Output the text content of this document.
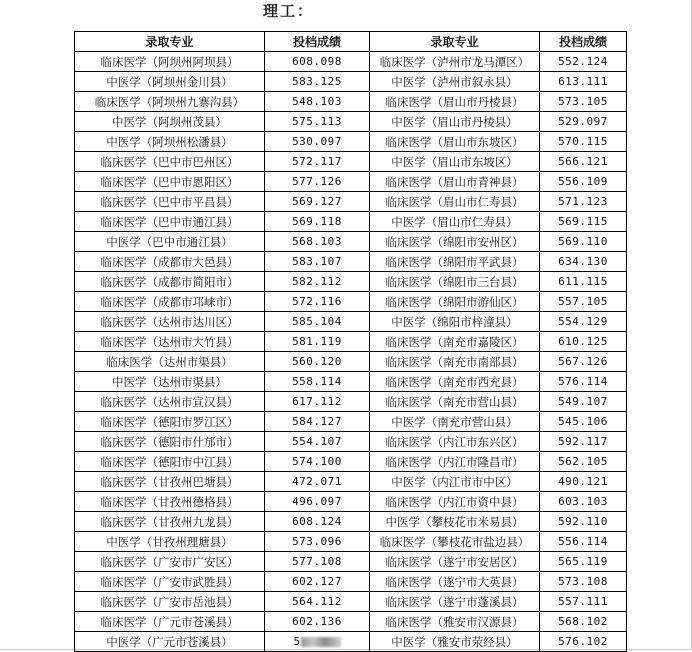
理工：
录取专业	投档成绩	录取专业	投档成绩
临床医学（阿坝州阿坝县）	608.098	临床医学（泸州市龙马潭区）	552.124
中医学（阿坝州金川县）	583.125	中医学（泸州市叙永县）	613.111
临床医学（阿坝州九寨沟县）	548.103	临床医学（眉山市丹棱县）	573.105
中医学（阿坝州茂县）	575.113	中医学（眉山市丹棱县）	529.097
中医学（阿坝州松潘县）	530.097	临床医学（眉山市东坡区）	570.115
临床医学（巴中市巴州区）	572.117	中医学（眉山市东坡区）	566.121
临床医学（巴中市恩阳区）	577.126	临床医学（眉山市青神县）	556.109
临床医学（巴中市平昌县）	569.127	临床医学（眉山市仁寿县）	571.123
临床医学（巴中市通江县）	569.118	中医学（眉山市仁寿县）	569.115
中医学（巴中市通江县）	568.103	临床医学（绵阳市安州区）	569.110
临床医学（成都市大邑县）	583.107	临床医学（绵阳市平武县）	634.130
临床医学（成都市简阳市）	582.112	临床医学（绵阳市三台县）	611.115
临床医学（成都市邛崃市）	572.116	临床医学（绵阳市游仙区）	557.105
临床医学（达州市达川区）	585.104	中医学（绵阳市梓潼县）	554.129
临床医学（达州市大竹县）	581.119	临床医学（南充市嘉陵区）	610.125
临床医学（达州市渠县）	560.120	临床医学（南充市南部县）	567.126
中医学（达州市渠县）	558.114	临床医学（南充市西充县）	576.114
临床医学（达州市宣汉县）	617.112	临床医学（南充市营山县）	549.107
临床医学（德阳市罗江区）	584.127	中医学（南充市营山县）	545.106
临床医学（德阳市什邡市）	554.107	临床医学（内江市东兴区）	592.117
临床医学（德阳市中江县）	574.100	临床医学（内江市隆昌市）	562.105
临床医学（甘孜州巴塘县）	472.071	中医学（内江市市中区）	490.121
临床医学（甘孜州德格县）	496.097	临床医学（内江市资中县）	603.103
临床医学（甘孜州九龙县）	608.124	中医学（攀枝花市米易县）	592.110
中医学（甘孜州理塘县）	573.096	临床医学（攀枝花市盐边县）	556.114
临床医学（广安市广安区）	577.108	临床医学（遂宁市安居区）	565.119
临床医学（广安市武胜县）	602.127	临床医学（遂宁市大英县）	573.108
临床医学（广安市岳池县）	564.112	临床医学（遂宁市蓬溪县）	557.111
临床医学（广元市苍溪县）	602.136	临床医学（雅安市汉源县）	568.102
中医学（广元市苍溪县）	5	中医学（雅安市荥经县）	576.102
